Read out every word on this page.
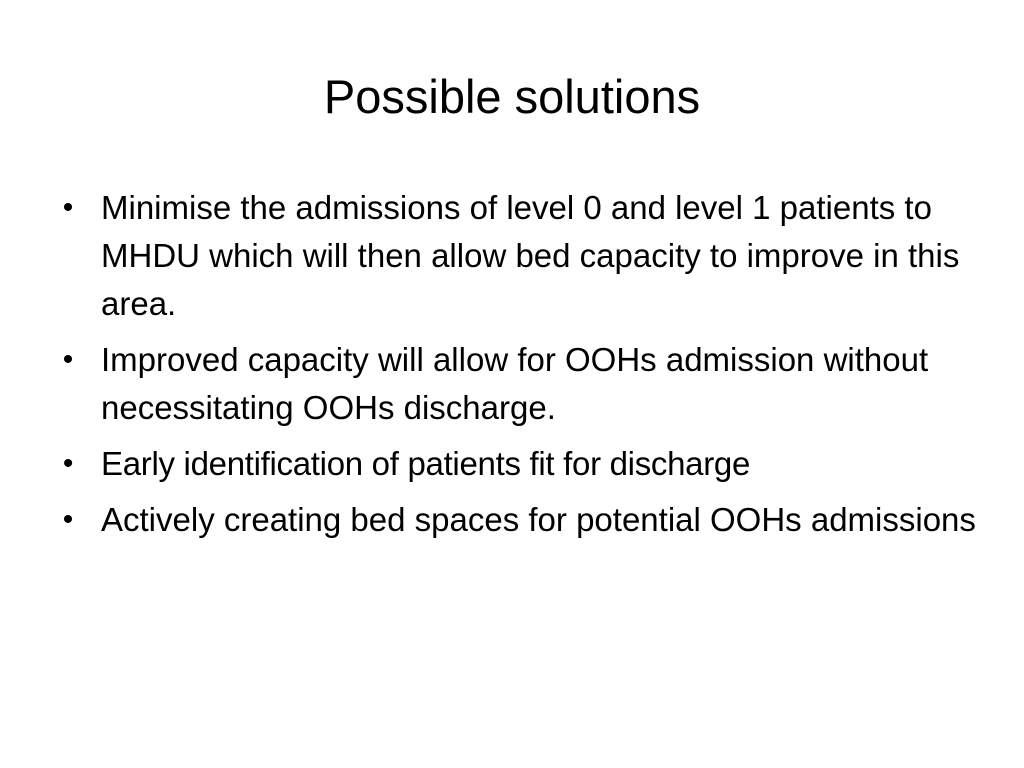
Possible solutions
• Minimise the admissions of level 0 and level 1 patients to MHDU which will then allow bed capacity to improve in this area.
• Improved capacity will allow for OOHs admission without necessitating OOHs discharge.
• Early identification of patients fit for discharge
• Actively creating bed spaces for potential OOHs admissions
